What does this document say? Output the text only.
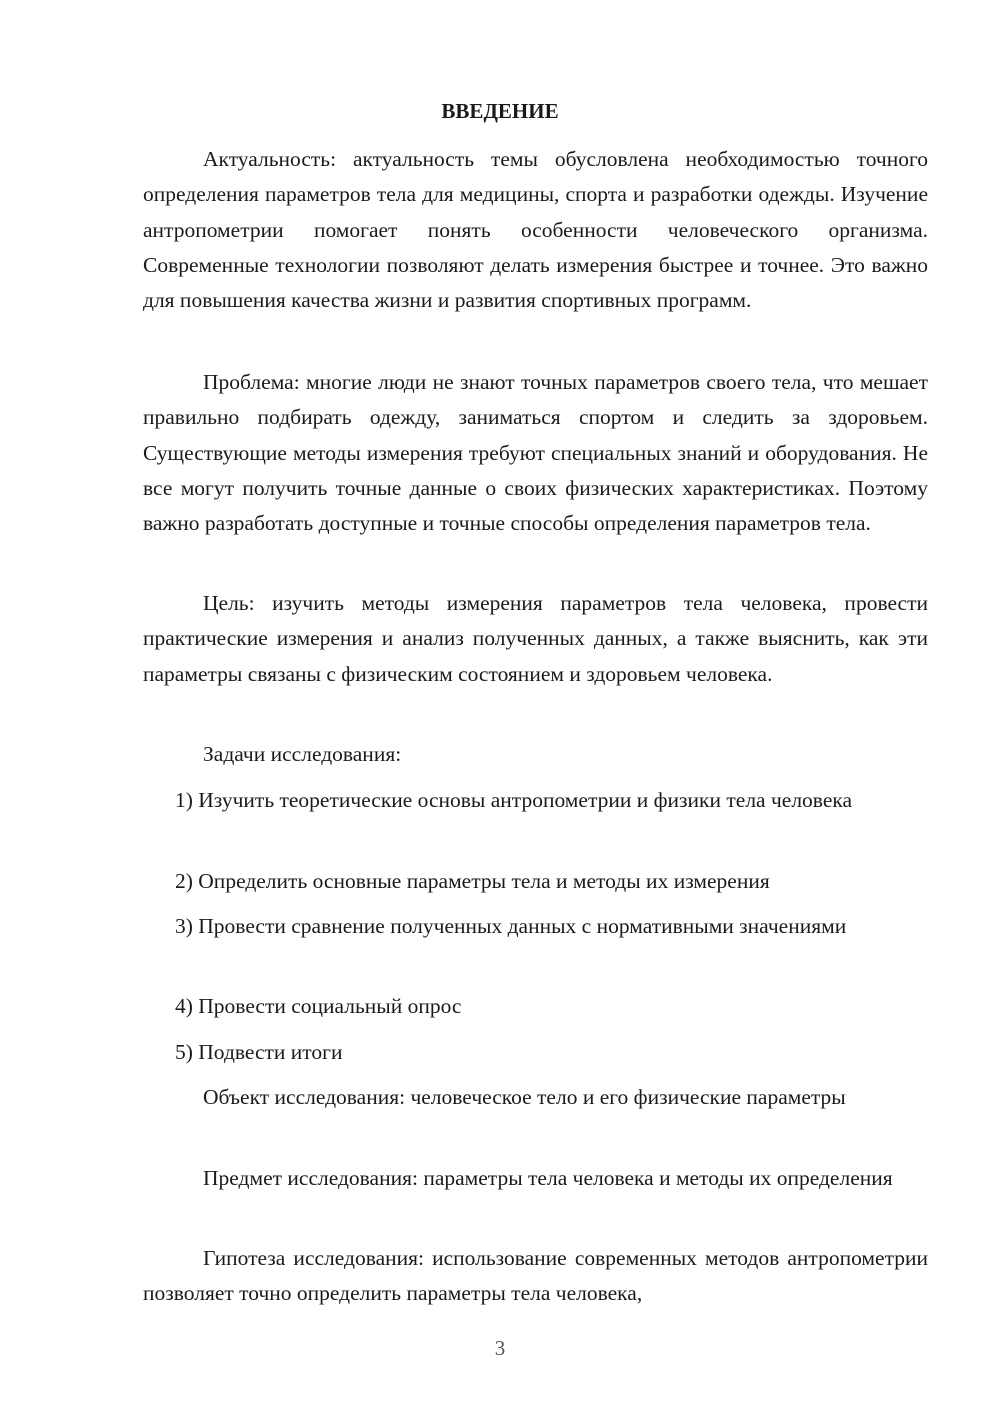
ВВЕДЕНИЕ

Актуальность: актуальность темы обусловлена необходимостью точного определения параметров тела для медицины, спорта и разработки одежды. Изучение антропометрии помогает понять особенности человеческого организма. Современные технологии позволяют делать измерения быстрее и точнее. Это важно для повышения качества жизни и развития спортивных программ.

Проблема: многие люди не знают точных параметров своего тела, что мешает правильно подбирать одежду, заниматься спортом и следить за здоровьем. Существующие методы измерения требуют специальных знаний и оборудования. Не все могут получить точные данные о своих физических характеристиках. Поэтому важно разработать доступные и точные способы определения параметров тела.

Цель: изучить методы измерения параметров тела человека, провести практические измерения и анализ полученных данных, а также выяснить, как эти параметры связаны с физическим состоянием и здоровьем человека.

Задачи исследования:

1) Изучить теоретические основы антропометрии и физики тела человека

2) Определить основные параметры тела и методы их измерения

3) Провести сравнение полученных данных с нормативными значениями

4) Провести социальный опрос

5) Подвести итоги

Объект исследования: человеческое тело и его физические параметры

Предмет исследования: параметры тела человека и методы их определения

Гипотеза исследования: использование современных методов антропометрии позволяет точно определить параметры тела человека,

3
